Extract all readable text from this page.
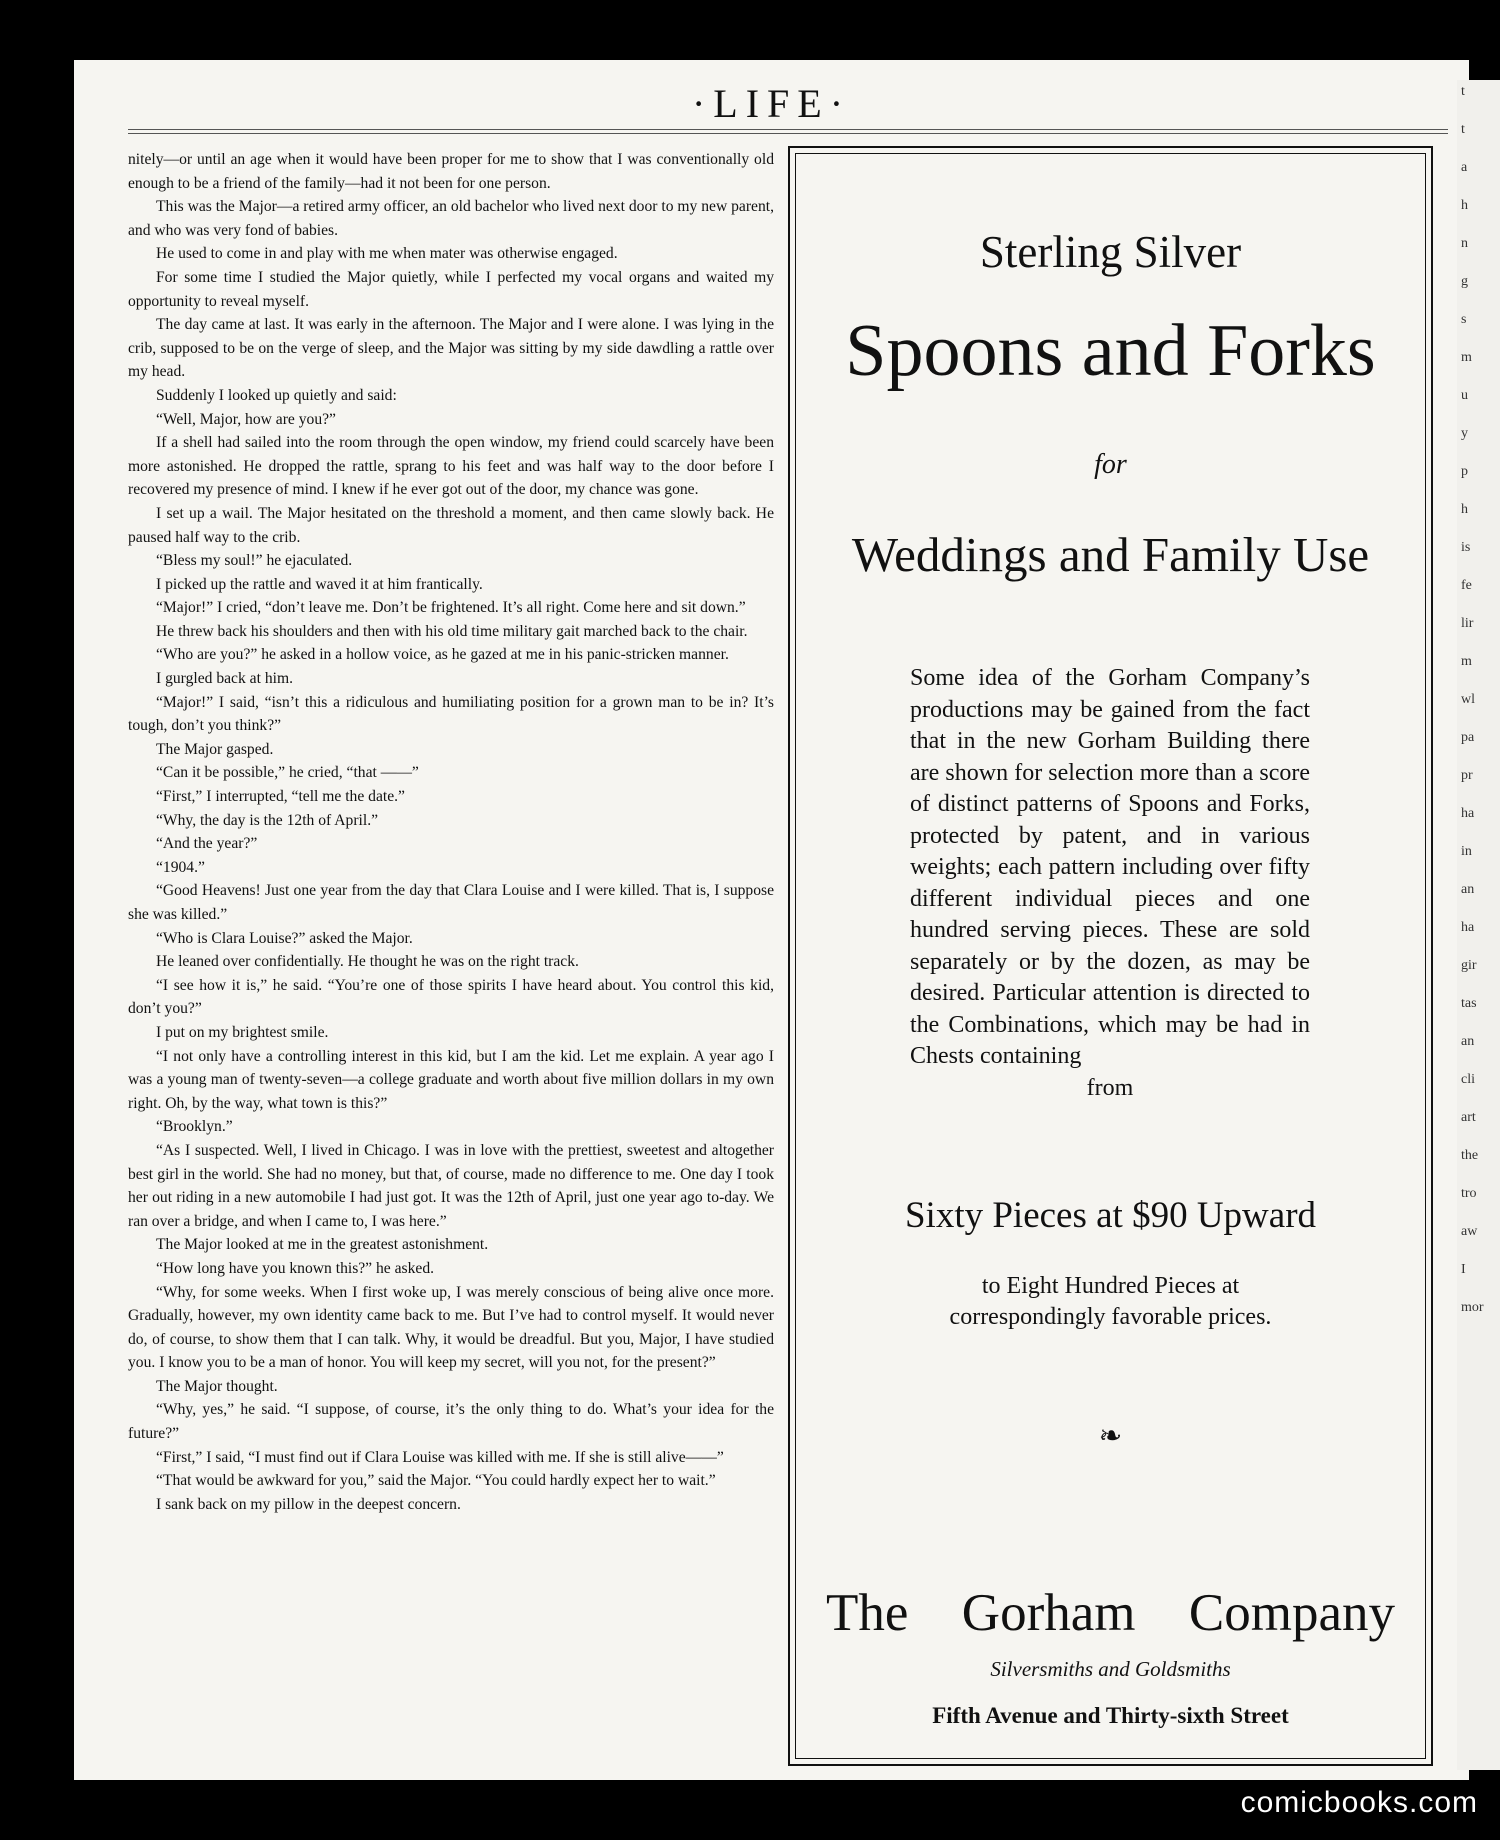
·LIFE·

nitely—or until an age when it would have been proper for me to show that I was conventionally old enough to be a friend of the family—had it not been for one person.

This was the Major—a retired army officer, an old bachelor who lived next door to my new parent, and who was very fond of babies.

He used to come in and play with me when mater was otherwise engaged.

For some time I studied the Major quietly, while I perfected my vocal organs and waited my opportunity to reveal myself.

The day came at last. It was early in the afternoon. The Major and I were alone. I was lying in the crib, supposed to be on the verge of sleep, and the Major was sitting by my side dawdling a rattle over my head.

Suddenly I looked up quietly and said:

“Well, Major, how are you?”

If a shell had sailed into the room through the open window, my friend could scarcely have been more astonished. He dropped the rattle, sprang to his feet and was half way to the door before I recovered my presence of mind. I knew if he ever got out of the door, my chance was gone.

I set up a wail. The Major hesitated on the threshold a moment, and then came slowly back. He paused half way to the crib.

“Bless my soul!” he ejaculated.

I picked up the rattle and waved it at him frantically.

“Major!” I cried, “don’t leave me. Don’t be frightened. It’s all right. Come here and sit down.”

He threw back his shoulders and then with his old time military gait marched back to the chair.

“Who are you?” he asked in a hollow voice, as he gazed at me in his panic-stricken manner.

I gurgled back at him.

“Major!” I said, “isn’t this a ridiculous and humiliating position for a grown man to be in? It’s tough, don’t you think?”

The Major gasped.

“Can it be possible,” he cried, “that ——”

“First,” I interrupted, “tell me the date.”

“Why, the day is the 12th of April.”

“And the year?”

“1904.”

“Good Heavens! Just one year from the day that Clara Louise and I were killed. That is, I suppose she was killed.”

“Who is Clara Louise?” asked the Major.

He leaned over confidentially. He thought he was on the right track.

“I see how it is,” he said. “You’re one of those spirits I have heard about. You control this kid, don’t you?”

I put on my brightest smile.

“I not only have a controlling interest in this kid, but I am the kid. Let me explain. A year ago I was a young man of twenty-seven—a college graduate and worth about five million dollars in my own right. Oh, by the way, what town is this?”

“Brooklyn.”

“As I suspected. Well, I lived in Chicago. I was in love with the prettiest, sweetest and altogether best girl in the world. She had no money, but that, of course, made no difference to me. One day I took her out riding in a new automobile I had just got. It was the 12th of April, just one year ago to-day. We ran over a bridge, and when I came to, I was here.”

The Major looked at me in the greatest astonishment.

“How long have you known this?” he asked.

“Why, for some weeks. When I first woke up, I was merely conscious of being alive once more. Gradually, however, my own identity came back to me. But I’ve had to control myself. It would never do, of course, to show them that I can talk. Why, it would be dreadful. But you, Major, I have studied you. I know you to be a man of honor. You will keep my secret, will you not, for the present?”

The Major thought.

“Why, yes,” he said. “I suppose, of course, it’s the only thing to do. What’s your idea for the future?”

“First,” I said, “I must find out if Clara Louise was killed with me. If she is still alive——”

“That would be awkward for you,” said the Major. “You could hardly expect her to wait.”

I sank back on my pillow in the deepest concern.

Sterling Silver
Spoons and Forks
for
Weddings and Family Use
Some idea of the Gorham Company’s productions may be gained from the fact that in the new Gorham Building there are shown for selection more than a score of distinct patterns of Spoons and Forks, protected by patent, and in various weights; each pattern including over fifty different individual pieces and one hundred serving pieces. These are sold separately or by the dozen, as may be desired. Particular attention is directed to the Combinations, which may be had in Chests containing
from
Sixty Pieces at $90 Upward
to Eight Hundred Pieces at correspondingly favorable prices.
❧
The Gorham Company
Silversmiths and Goldsmiths
Fifth Avenue and Thirty-sixth Street
t
t
a
h
n
g
s
m
u
y
p
h
is
fe
lir
m
wl
pa
pr
ha
in
an
ha
gir
tas
an
cli
art
the
tro
aw
I
mor
comicbooks.com
